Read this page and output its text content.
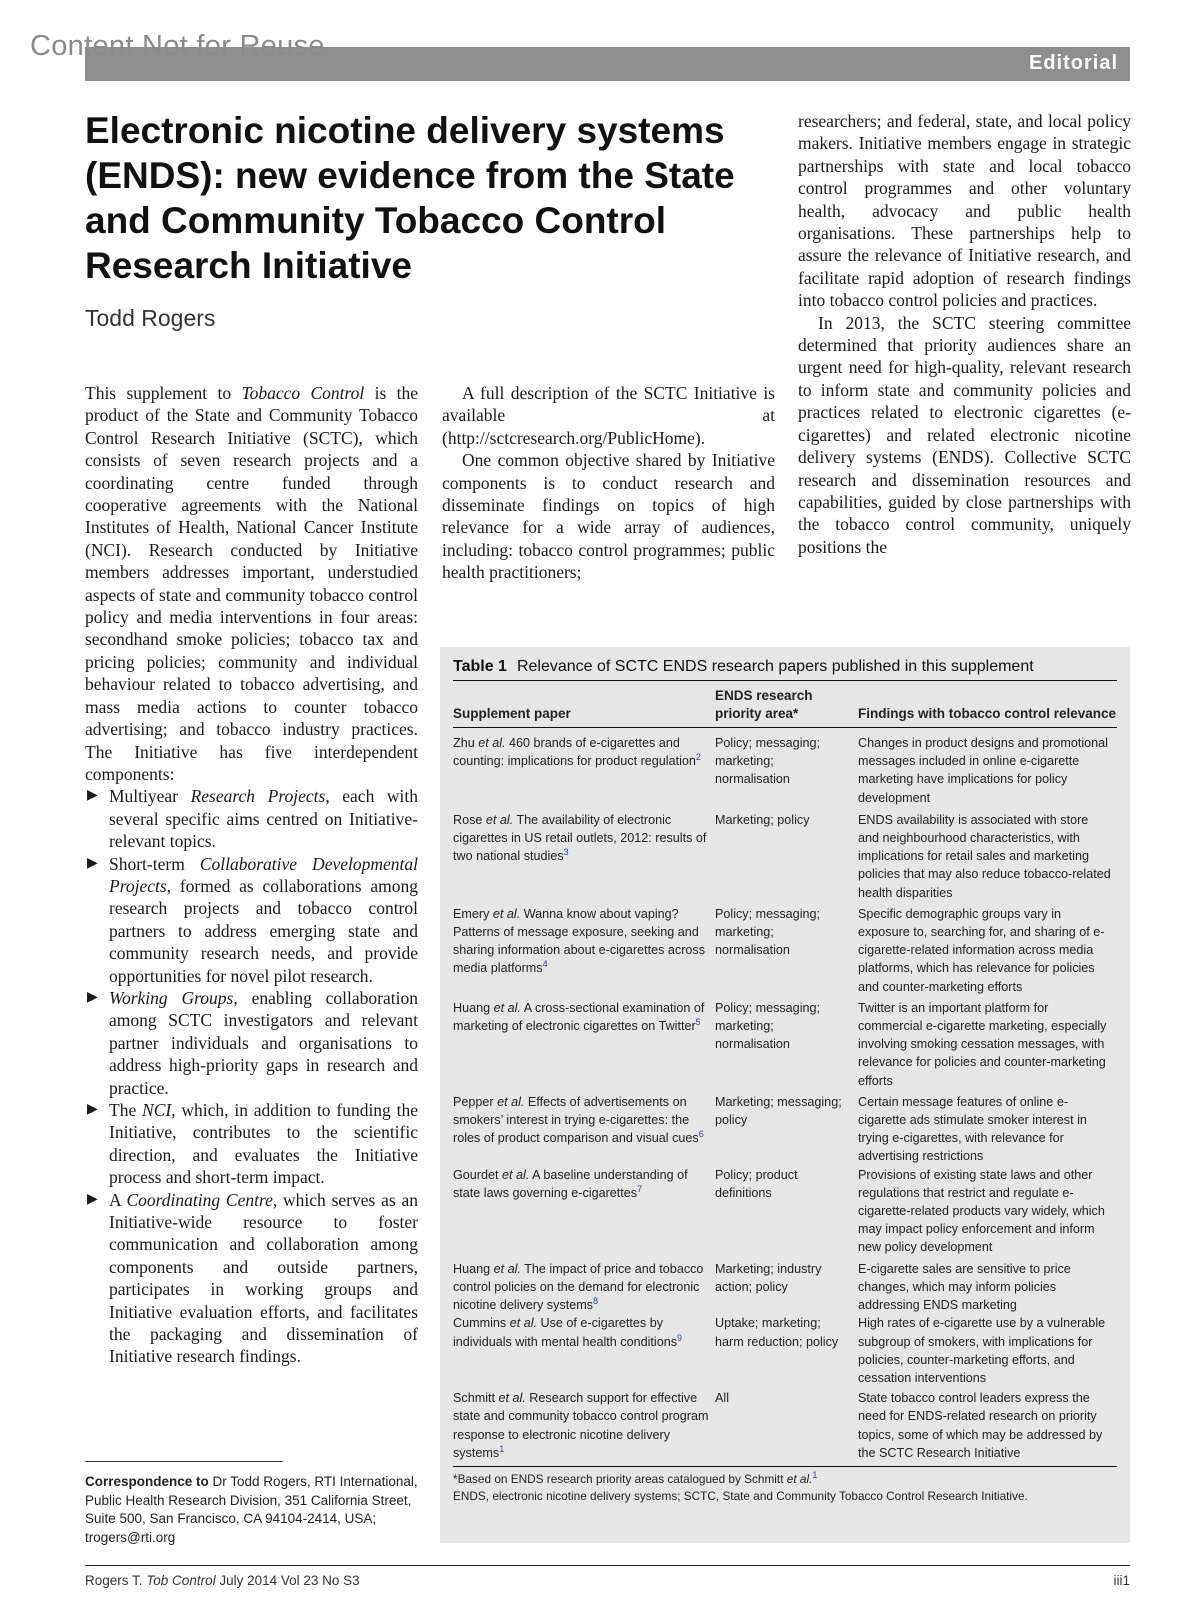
Content Not for Reuse
Editorial
Electronic nicotine delivery systems (ENDS): new evidence from the State and Community Tobacco Control Research Initiative
Todd Rogers

This supplement to Tobacco Control is the product of the State and Community Tobacco Control Research Initiative (SCTC), which consists of seven research projects and a coordinating centre funded through cooperative agreements with the National Institutes of Health, National Cancer Institute (NCI). Research conducted by Initiative members addresses important, understudied aspects of state and community tobacco control policy and media interventions in four areas: secondhand smoke policies; tobacco tax and pricing policies; community and individual behaviour related to tobacco advertising, and mass media actions to counter tobacco advertising; and tobacco industry practices. The Initiative has five interdependent components:

▶ Multiyear Research Projects, each with several specific aims centred on Initiative-relevant topics.
▶ Short-term Collaborative Developmental Projects, formed as collaborations among research projects and tobacco control partners to address emerging state and community research needs, and provide opportunities for novel pilot research.
▶ Working Groups, enabling collaboration among SCTC investigators and relevant partner individuals and organisations to address high-priority gaps in research and practice.
▶ The NCI, which, in addition to funding the Initiative, contributes to the scientific direction, and evaluates the Initiative process and short-term impact.
▶ A Coordinating Centre, which serves as an Initiative-wide resource to foster communication and collaboration among components and outside partners, participates in working groups and Initiative evaluation efforts, and facilitates the packaging and dissemination of Initiative research findings.

A full description of the SCTC Initiative is available at (http://sctcresearch.org/PublicHome).

One common objective shared by Initiative components is to conduct research and disseminate findings on topics of high relevance for a wide array of audiences, including: tobacco control programmes; public health practitioners;

researchers; and federal, state, and local policy makers. Initiative members engage in strategic partnerships with state and local tobacco control programmes and other voluntary health, advocacy and public health organisations. These partnerships help to assure the relevance of Initiative research, and facilitate rapid adoption of research findings into tobacco control policies and practices.

In 2013, the SCTC steering committee determined that priority audiences share an urgent need for high-quality, relevant research to inform state and community policies and practices related to electronic cigarettes (e-cigarettes) and related electronic nicotine delivery systems (ENDS). Collective SCTC research and dissemination resources and capabilities, guided by close partnerships with the tobacco control community, uniquely positions the

Correspondence to Dr Todd Rogers, RTI International, Public Health Research Division, 351 California Street, Suite 500, San Francisco, CA 94104-2414, USA; trogers@rti.org
Table 1 Relevance of SCTC ENDS research papers published in this supplement
Supplement paper	ENDS research priority area*	Findings with tobacco control relevance
Zhu et al. 460 brands of e-cigarettes and counting: implications for product regulation$^2$	Policy; messaging; marketing; normalisation	Changes in product designs and promotional messages included in online e-cigarette marketing have implications for policy development
Rose et al. The availability of electronic cigarettes in US retail outlets, 2012: results of two national studies$^3$	Marketing; policy	ENDS availability is associated with store and neighbourhood characteristics, with implications for retail sales and marketing policies that may also reduce tobacco-related health disparities
Emery et al. Wanna know about vaping? Patterns of message exposure, seeking and sharing information about e-cigarettes across media platforms$^4$	Policy; messaging; marketing; normalisation	Specific demographic groups vary in exposure to, searching for, and sharing of e-cigarette-related information across media platforms, which has relevance for policies and counter-marketing efforts
Huang et al. A cross-sectional examination of marketing of electronic cigarettes on Twitter$^5$	Policy; messaging; marketing; normalisation	Twitter is an important platform for commercial e-cigarette marketing, especially involving smoking cessation messages, with relevance for policies and counter-marketing efforts
Pepper et al. Effects of advertisements on smokers’ interest in trying e-cigarettes: the roles of product comparison and visual cues$^6$	Marketing; messaging; policy	Certain message features of online e-cigarette ads stimulate smoker interest in trying e-cigarettes, with relevance for advertising restrictions
Gourdet et al. A baseline understanding of state laws governing e-cigarettes$^7$	Policy; product definitions	Provisions of existing state laws and other regulations that restrict and regulate e-cigarette-related products vary widely, which may impact policy enforcement and inform new policy development
Huang et al. The impact of price and tobacco control policies on the demand for electronic nicotine delivery systems$^8$	Marketing; industry action; policy	E-cigarette sales are sensitive to price changes, which may inform policies addressing ENDS marketing
Cummins et al. Use of e-cigarettes by individuals with mental health conditions$^9$	Uptake; marketing; harm reduction; policy	High rates of e-cigarette use by a vulnerable subgroup of smokers, with implications for policies, counter-marketing efforts, and cessation interventions
Schmitt et al. Research support for effective state and community tobacco control program response to electronic nicotine delivery systems$^1$	All	State tobacco control leaders express the need for ENDS-related research on priority topics, some of which may be addressed by the SCTC Research Initiative
*Based on ENDS research priority areas catalogued by Schmitt et al.$^1$
ENDS, electronic nicotine delivery systems; SCTC, State and Community Tobacco Control Research Initiative.
Rogers T. Tob Control July 2014 Vol 23 No S3	iii1
